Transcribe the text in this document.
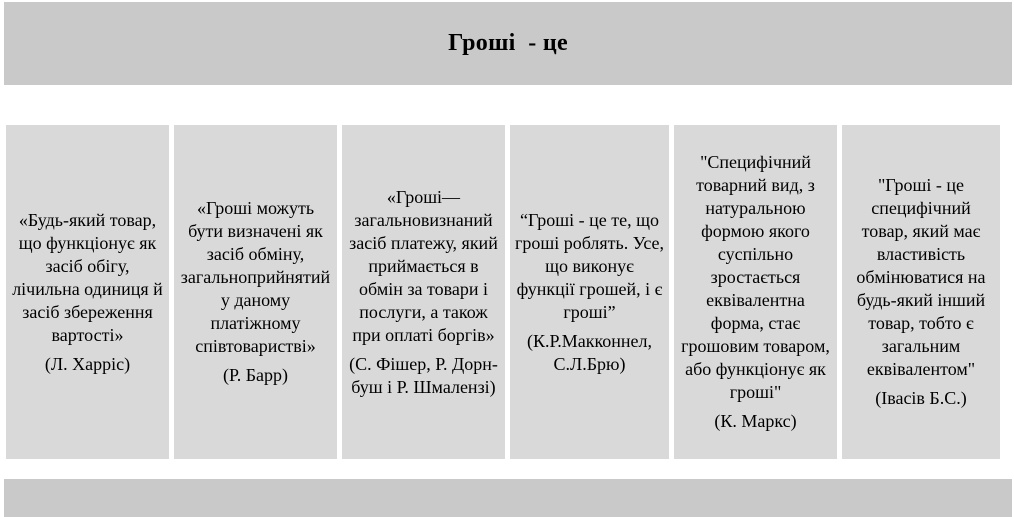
Гроші  - це
«Будь-який товар, що функціонує як засіб обігу, лічильна одиниця й засіб збереження вартості»
(Л. Харріс)
«Гроші можуть бути визначені як засіб обміну, загальноприйнятий у даному платіжному співтоваристві»
(Р. Барр)
«Гроші— загальновизнаний засіб платежу, який приймається в обмін за товари і послуги, а також при оплаті боргів»
(С. Фішер, Р. Дорн-буш і Р. Шмалензі)
“Гроші - це те, що гроші роблять. Усе, що виконує функції грошей, і є гроші”
(К.Р.Макконнел, С.Л.Брю)
"Специфічний товарний вид, з натуральною формою якого суспільно зростається еквівалентна форма, стає грошовим товаром, або функціонує як гроші"
(К. Маркс)
"Гроші - це специфічний товар, який має властивість обмінюватися на будь-який інший товар, тобто є загальним еквівалентом"
(Івасів Б.С.)
